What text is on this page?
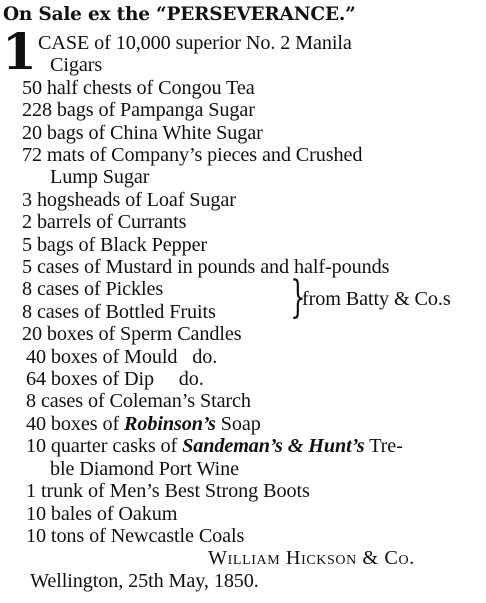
On Sale ex the “PERSEVERANCE.”
1 CASE of 10,000 superior No. 2 Manila
Cigars
50 half chests of Congou Tea
228 bags of Pampanga Sugar
20 bags of China White Sugar
72 mats of Company’s pieces and Crushed
Lump Sugar
3 hogsheads of Loaf Sugar
2 barrels of Currants
5 bags of Black Pepper
5 cases of Mustard in pounds and half-pounds
8 cases of Pickles
8 cases of Bottled Fruits }
from Batty & Co.s
20 boxes of Sperm Candles
40 boxes of Mould   do.
64 boxes of Dip     do.
8 cases of Coleman’s Starch
40 boxes of Robinson’s Soap
10 quarter casks of Sandeman’s & Hunt’s Tre-
ble Diamond Port Wine
1 trunk of Men’s Best Strong Boots
10 bales of Oakum
10 tons of Newcastle Coals
William Hickson & Co.
Wellington, 25th May, 1850.
